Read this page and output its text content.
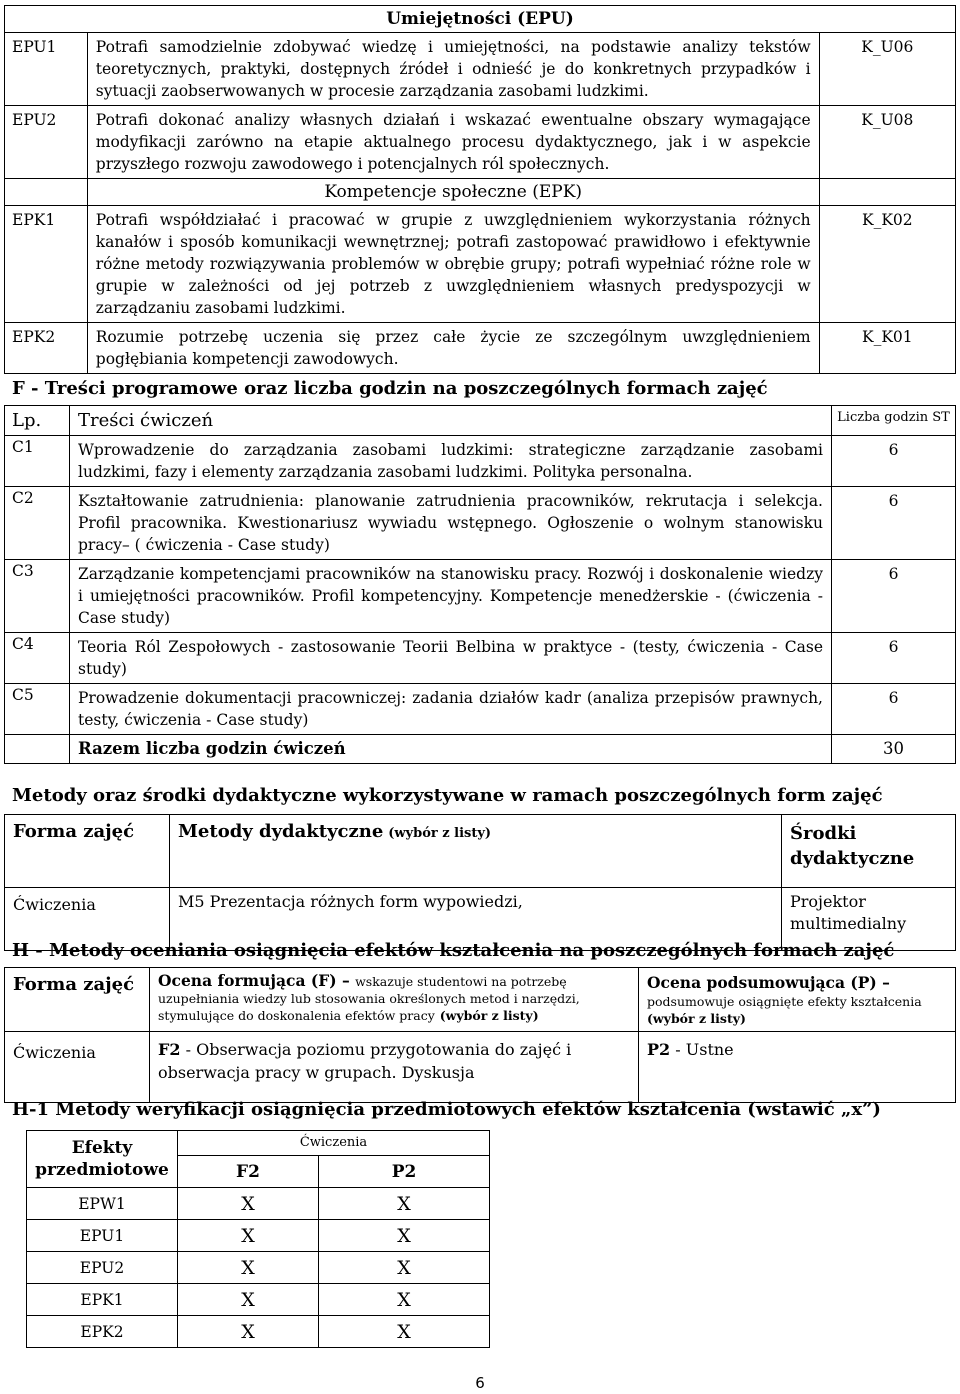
Umiejętności (EPU)		
EPU1	Potrafi samodzielnie zdobywać wiedzę i umiejętności, na podstawie analizy tekstów teoretycznych, praktyki, dostępnych źródeł i odnieść je do konkretnych przypadków i sytuacji zaobserwowanych w procesie zarządzania zasobami ludzkimi.	K_U06
EPU2	Potrafi dokonać analizy własnych działań i wskazać ewentualne obszary wymagające modyfikacji zarówno na etapie aktualnego procesu dydaktycznego, jak i w aspekcie przyszłego rozwoju zawodowego i potencjalnych ról społecznych.	K_U08
	Kompetencje społeczne (EPK)	
EPK1	Potrafi współdziałać i pracować w grupie z uwzględnieniem wykorzystania różnych kanałów i sposób komunikacji wewnętrznej; potrafi zastopować prawidłowo i efektywnie różne metody rozwiązywania problemów w obrębie grupy; potrafi wypełniać różne role w grupie w zależności od jej potrzeb z uwzględnieniem własnych predyspozycji w zarządzaniu zasobami ludzkimi.	K_K02
EPK2	Rozumie potrzebę uczenia się przez całe życie ze szczególnym uwzględnieniem pogłębiania kompetencji zawodowych.	K_K01
F - Treści programowe oraz liczba godzin na poszczególnych formach zajęć
Lp.	Treści ćwiczeń	Liczba godzin ST
C1	Wprowadzenie do zarządzania zasobami ludzkimi: strategiczne zarządzanie zasobami ludzkimi, fazy i elementy zarządzania zasobami ludzkimi. Polityka personalna.	6
C2	Kształtowanie zatrudnienia: planowanie zatrudnienia pracowników, rekrutacja i selekcja. Profil pracownika. Kwestionariusz wywiadu wstępnego. Ogłoszenie o wolnym stanowisku pracy– ( ćwiczenia - Case study)	6
C3	Zarządzanie kompetencjami pracowników na stanowisku pracy. Rozwój i doskonalenie wiedzy i umiejętności pracowników. Profil kompetencyjny. Kompetencje menedżerskie - (ćwiczenia - Case study)	6
C4	Teoria Ról Zespołowych - zastosowanie Teorii Belbina w praktyce - (testy, ćwiczenia - Case study)	6
C5	Prowadzenie dokumentacji pracowniczej: zadania działów kadr (analiza przepisów prawnych, testy, ćwiczenia - Case study)	6
	Razem liczba godzin ćwiczeń	30
Metody oraz środki dydaktyczne wykorzystywane w ramach poszczególnych form zajęć
Forma zajęć	Metody dydaktyczne (wybór z listy)	Środki dydaktyczne
Ćwiczenia	M5 Prezentacja różnych form wypowiedzi,	Projektor multimedialny
H - Metody oceniania osiągnięcia efektów kształcenia na poszczególnych formach zajęć
Forma zajęć	Ocena formująca (F) – wskazuje studentowi na potrzebę uzupełniania wiedzy lub stosowania określonych metod i narzędzi, stymulujące do doskonalenia efektów pracy (wybór z listy)	Ocena podsumowująca (P) –
podsumowuje osiągnięte efekty kształcenia
(wybór z listy)

Ćwiczenia	F2 - Obserwacja poziomu przygotowania do zajęć i obserwacja pracy w grupach. Dyskusja	P2 - Ustne
H-1 Metody weryfikacji osiągnięcia przedmiotowych efektów kształcenia (wstawić „x”)
Efekty przedmiotowe	Ćwiczenia	
	F2	P2
EPW1	X	X
EPU1	X	X
EPU2	X	X
EPK1	X	X
EPK2	X	X
6
